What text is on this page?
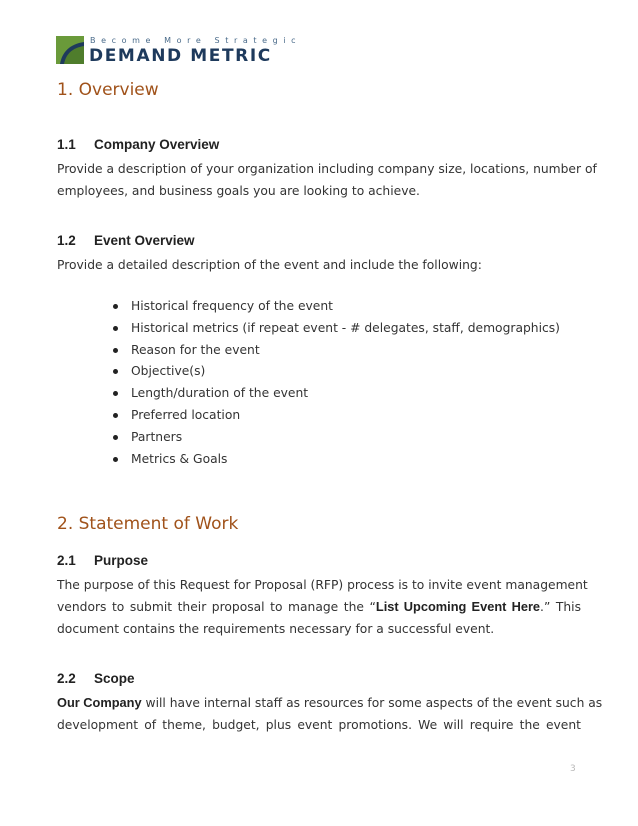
Become More Strategic
DEMAND METRIC
1. Overview
1.1 Company Overview
Provide a description of your organization including company size, locations, number of
employees, and business goals you are looking to achieve.
1.2 Event Overview
Provide a detailed description of the event and include the following:
Historical frequency of the event
Historical metrics (if repeat event - # delegates, staff, demographics)
Reason for the event
Objective(s)
Length/duration of the event
Preferred location
Partners
Metrics & Goals
2. Statement of Work
2.1 Purpose
The purpose of this Request for Proposal (RFP) process is to invite event management
vendors to submit their proposal to manage the “List Upcoming Event Here.” This
document contains the requirements necessary for a successful event.
2.2 Scope
Our Company will have internal staff as resources for some aspects of the event such as
development of theme, budget, plus event promotions. We will require the event
3
